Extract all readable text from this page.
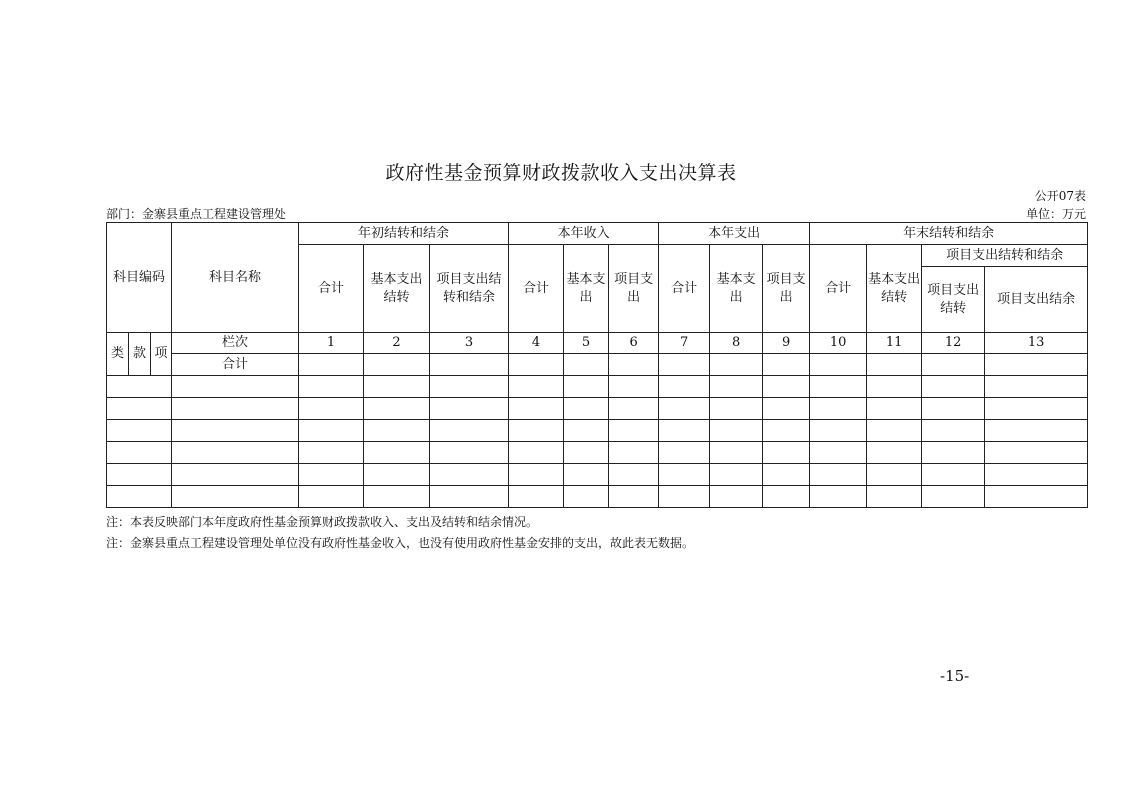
政府性基金预算财政拨款收入支出决算表
公开07表
部门：金寨县重点工程建设管理处	单位：万元
科目编码			科目名称	年初结转和结余			本年收入			本年支出			年末结转和结余			
				合计	基本支出结转	项目支出结转和结余	合计	基本支出	项目支出	合计	基本支出	项目支出	合计	基本支出结转	项目支出结转和结余	
															项目支出结转	项目支出结余
类	款	项	栏次	1	2	3	4	5	6	7	8	9	10	11	12	13
			合计													

注：本表反映部门本年度政府性基金预算财政拨款收入、支出及结转和结余情况。
注：金寨县重点工程建设管理处单位没有政府性基金收入，也没有使用政府性基金安排的支出，故此表无数据。
-15-
